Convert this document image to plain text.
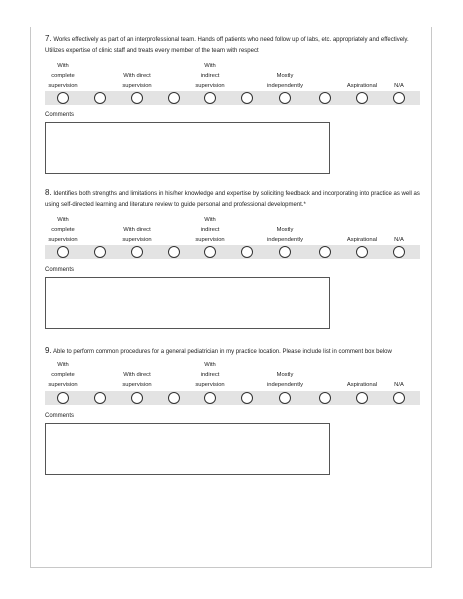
7. Works effectively as part of an interprofessional team. Hands off patients who need follow up of labs, etc. appropriately and effectively. Utilizes expertise of clinic staff and treats every member of the team with respect

With
complete
supervision
With direct
supervision
With
indirect
supervision
Mostly
independently	Aspirational	N/A
Comments

8. Identifies both strengths and limitations in his/her knowledge and expertise by soliciting feedback and incorporating into practice as well as using self-directed learning and literature review to guide personal and professional development.*

With
complete
supervision
With direct
supervision
With
indirect
supervision
Mostly
independently	Aspirational	N/A
Comments

9. Able to perform common procedures for a general pediatrician in my practice location. Please include list in comment box below

With
complete
supervision
With direct
supervision
With
indirect
supervision
Mostly
independently	Aspirational	N/A
Comments
